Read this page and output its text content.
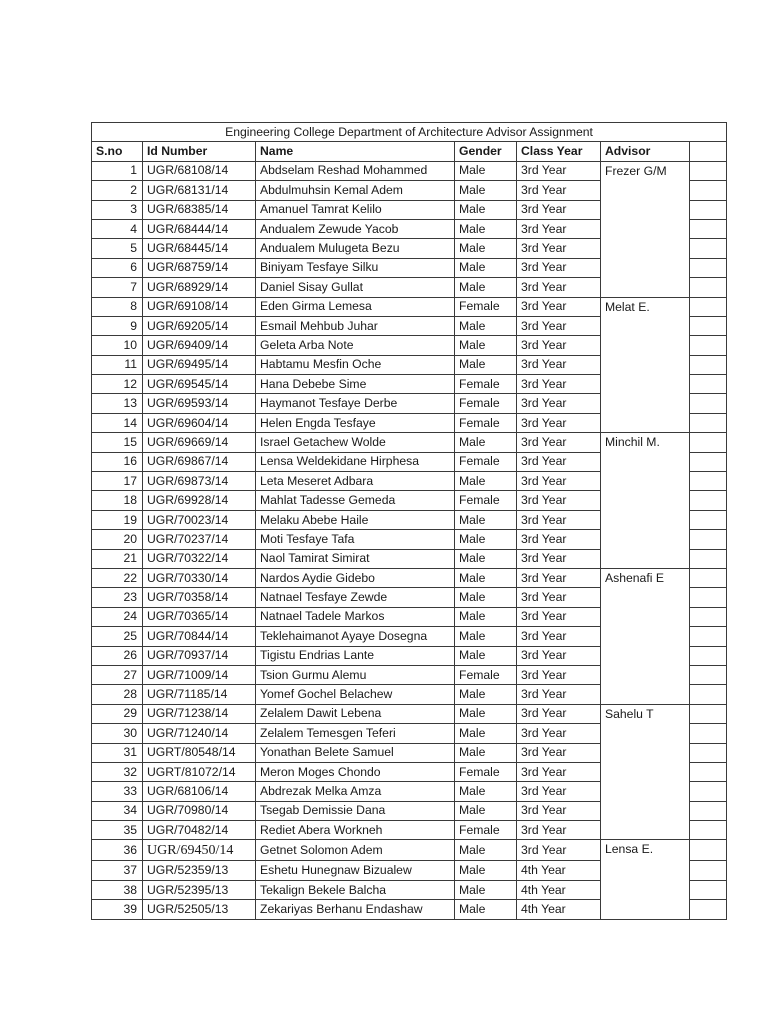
Engineering College Department of Architecture Advisor Assignment						
S.no	Id Number	Name	Gender	Class Year	Advisor	
1	UGR/68108/14	Abdselam Reshad Mohammed	Male	3rd Year	Frezer G/M	
2	UGR/68131/14	Abdulmuhsin Kemal Adem	Male	3rd Year		
3	UGR/68385/14	Amanuel Tamrat Kelilo	Male	3rd Year		
4	UGR/68444/14	Andualem Zewude Yacob	Male	3rd Year		
5	UGR/68445/14	Andualem Mulugeta Bezu	Male	3rd Year		
6	UGR/68759/14	Biniyam Tesfaye Silku	Male	3rd Year		
7	UGR/68929/14	Daniel Sisay Gullat	Male	3rd Year		
8	UGR/69108/14	Eden Girma Lemesa	Female	3rd Year	Melat E.	
9	UGR/69205/14	Esmail Mehbub Juhar	Male	3rd Year		
10	UGR/69409/14	Geleta Arba Note	Male	3rd Year		
11	UGR/69495/14	Habtamu Mesfin Oche	Male	3rd Year		
12	UGR/69545/14	Hana Debebe Sime	Female	3rd Year		
13	UGR/69593/14	Haymanot Tesfaye Derbe	Female	3rd Year		
14	UGR/69604/14	Helen Engda Tesfaye	Female	3rd Year		
15	UGR/69669/14	Israel Getachew Wolde	Male	3rd Year	Minchil M.	
16	UGR/69867/14	Lensa Weldekidane Hirphesa	Female	3rd Year		
17	UGR/69873/14	Leta Meseret Adbara	Male	3rd Year		
18	UGR/69928/14	Mahlat Tadesse Gemeda	Female	3rd Year		
19	UGR/70023/14	Melaku Abebe Haile	Male	3rd Year		
20	UGR/70237/14	Moti Tesfaye Tafa	Male	3rd Year		
21	UGR/70322/14	Naol Tamirat Simirat	Male	3rd Year		
22	UGR/70330/14	Nardos Aydie Gidebo	Male	3rd Year	Ashenafi E	
23	UGR/70358/14	Natnael Tesfaye Zewde	Male	3rd Year		
24	UGR/70365/14	Natnael Tadele Markos	Male	3rd Year		
25	UGR/70844/14	Teklehaimanot Ayaye Dosegna	Male	3rd Year		
26	UGR/70937/14	Tigistu Endrias Lante	Male	3rd Year		
27	UGR/71009/14	Tsion Gurmu Alemu	Female	3rd Year		
28	UGR/71185/14	Yomef Gochel Belachew	Male	3rd Year		
29	UGR/71238/14	Zelalem Dawit Lebena	Male	3rd Year	Sahelu T	
30	UGR/71240/14	Zelalem Temesgen Teferi	Male	3rd Year		
31	UGRT/80548/14	Yonathan Belete Samuel	Male	3rd Year		
32	UGRT/81072/14	Meron Moges Chondo	Female	3rd Year		
33	UGR/68106/14	Abdrezak Melka Amza	Male	3rd Year		
34	UGR/70980/14	Tsegab Demissie Dana	Male	3rd Year		
35	UGR/70482/14	Rediet Abera Workneh	Female	3rd Year		
36	UGR/69450/14	Getnet Solomon Adem	Male	3rd Year	Lensa E.	
37	UGR/52359/13	Eshetu Hunegnaw Bizualew	Male	4th Year		
38	UGR/52395/13	Tekalign Bekele Balcha	Male	4th Year		
39	UGR/52505/13	Zekariyas Berhanu Endashaw	Male	4th Year		
